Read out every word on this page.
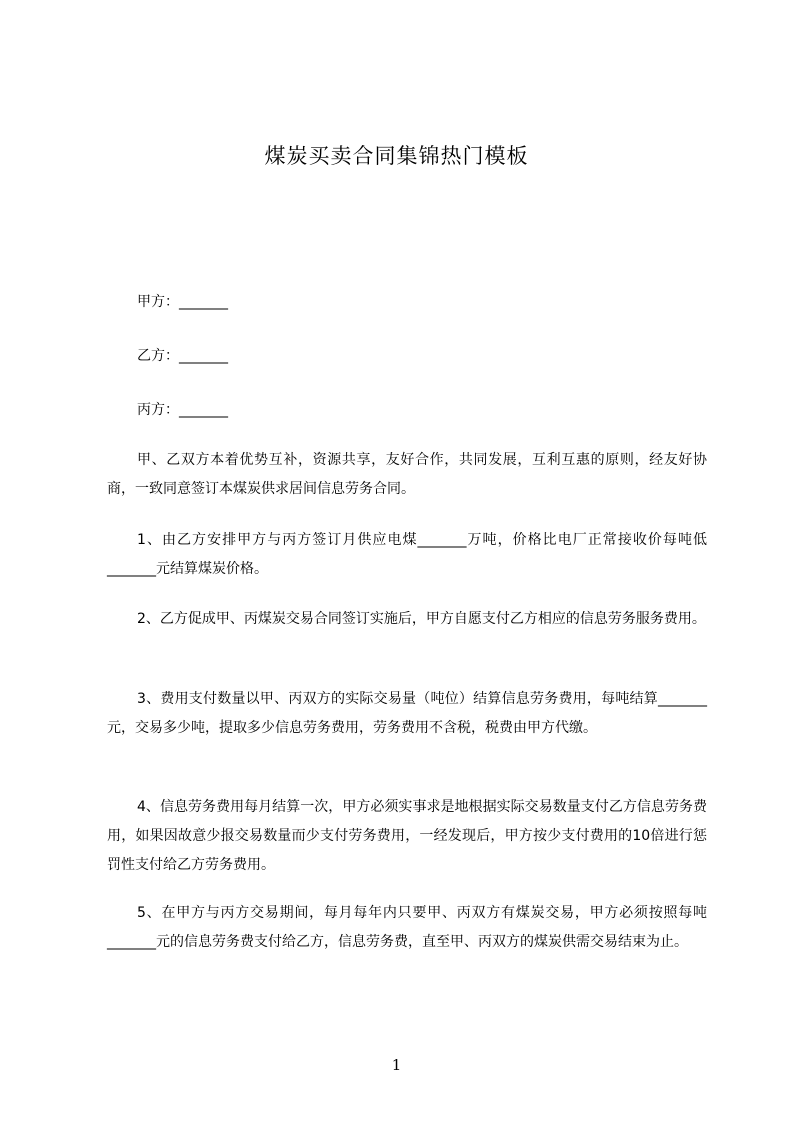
煤炭买卖合同集锦热门模板
甲方：_______
乙方：_______
丙方：_______
甲、乙双方本着优势互补，资源共享，友好合作，共同发展，互利互惠的原则，经友好协商，一致同意签订本煤炭供求居间信息劳务合同。
1、由乙方安排甲方与丙方签订月供应电煤_______万吨，价格比电厂正常接收价每吨低_______元结算煤炭价格。
2、乙方促成甲、丙煤炭交易合同签订实施后，甲方自愿支付乙方相应的信息劳务服务费用。
3、费用支付数量以甲、丙双方的实际交易量（吨位）结算信息劳务费用，每吨结算_______元，交易多少吨，提取多少信息劳务费用，劳务费用不含税，税费由甲方代缴。
4、信息劳务费用每月结算一次，甲方必须实事求是地根据实际交易数量支付乙方信息劳务费用，如果因故意少报交易数量而少支付劳务费用，一经发现后，甲方按少支付费用的10倍进行惩罚性支付给乙方劳务费用。
5、在甲方与丙方交易期间，每月每年内只要甲、丙双方有煤炭交易，甲方必须按照每吨_______元的信息劳务费支付给乙方，信息劳务费，直至甲、丙双方的煤炭供需交易结束为止。
1
